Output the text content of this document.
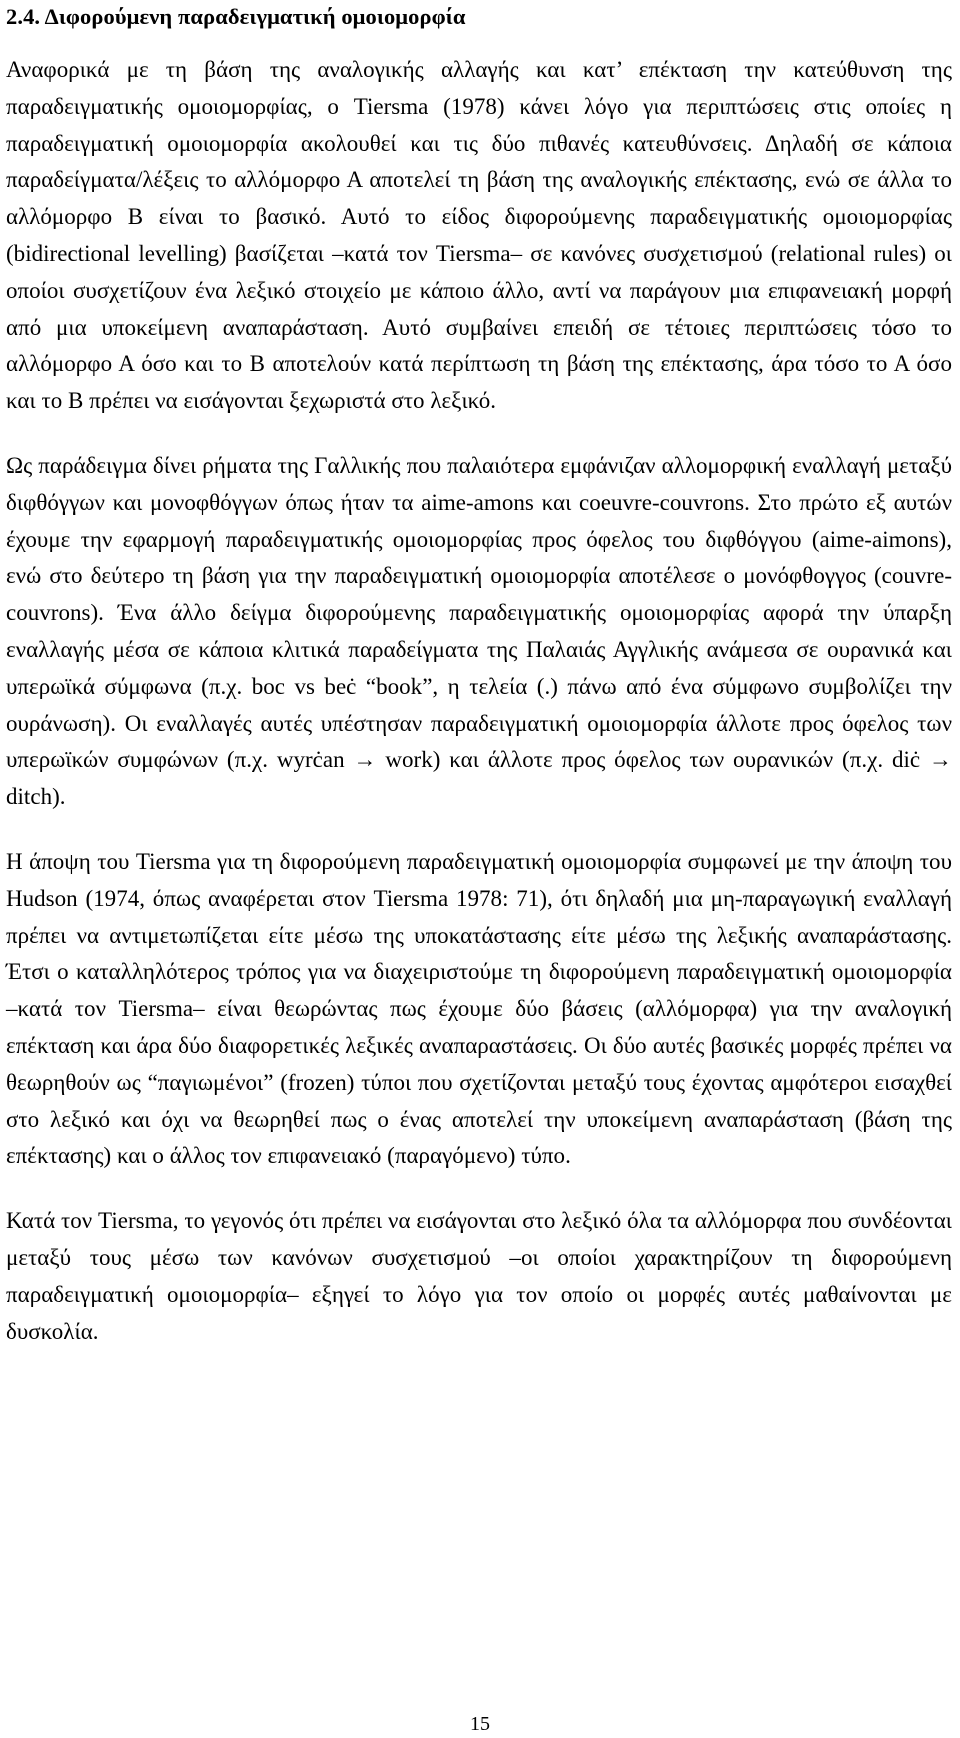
2.4. Διφορούμενη παραδειγματική ομοιομορφία

Αναφορικά με τη βάση της αναλογικής αλλαγής και κατ’ επέκταση την κατεύθυνση της παραδειγματικής ομοιομορφίας, ο Tiersma (1978) κάνει λόγο για περιπτώσεις στις οποίες η παραδειγματική ομοιομορφία ακολουθεί και τις δύο πιθανές κατευθύνσεις. Δηλαδή σε κάποια παραδείγματα/λέξεις το αλλόμορφο Α αποτελεί τη βάση της αναλογικής επέκτασης, ενώ σε άλλα το αλλόμορφο Β είναι το βασικό. Αυτό το είδος διφορούμενης παραδειγματικής ομοιομορφίας (bidirectional levelling) βασίζεται –κατά τον Tiersma– σε κανόνες συσχετισμού (relational rules) οι οποίοι συσχετίζουν ένα λεξικό στοιχείο με κάποιο άλλο, αντί να παράγουν μια επιφανειακή μορφή από μια υποκείμενη αναπαράσταση. Αυτό συμβαίνει επειδή σε τέτοιες περιπτώσεις τόσο το αλλόμορφο Α όσο και το Β αποτελούν κατά περίπτωση τη βάση της επέκτασης, άρα τόσο το Α όσο και το Β πρέπει να εισάγονται ξεχωριστά στο λεξικό.

Ως παράδειγμα δίνει ρήματα της Γαλλικής που παλαιότερα εμφάνιζαν αλλομορφική εναλλαγή μεταξύ διφθόγγων και μονοφθόγγων όπως ήταν τα aime-amons και coeuvre-couvrons. Στο πρώτο εξ αυτών έχουμε την εφαρμογή παραδειγματικής ομοιομορφίας προς όφελος του διφθόγγου (aime-aimons), ενώ στο δεύτερο τη βάση για την παραδειγματική ομοιομορφία αποτέλεσε ο μονόφθογγος (couvre-couvrons). Ένα άλλο δείγμα διφορούμενης παραδειγματικής ομοιομορφίας αφορά την ύπαρξη εναλλαγής μέσα σε κάποια κλιτικά παραδείγματα της Παλαιάς Αγγλικής ανάμεσα σε ουρανικά και υπερωϊκά σύμφωνα (π.χ. boc vs beċ “book”, η τελεία (.) πάνω από ένα σύμφωνο συμβολίζει την ουράνωση). Οι εναλλαγές αυτές υπέστησαν παραδειγματική ομοιομορφία άλλοτε προς όφελος των υπερωϊκών συμφώνων (π.χ. wyrċan → work) και άλλοτε προς όφελος των ουρανικών (π.χ. diċ → ditch).

Η άποψη του Tiersma για τη διφορούμενη παραδειγματική ομοιομορφία συμφωνεί με την άποψη του Hudson (1974, όπως αναφέρεται στον Tiersma 1978: 71), ότι δηλαδή μια μη-παραγωγική εναλλαγή πρέπει να αντιμετωπίζεται είτε μέσω της υποκατάστασης είτε μέσω της λεξικής αναπαράστασης. Έτσι ο καταλληλότερος τρόπος για να διαχειριστούμε τη διφορούμενη παραδειγματική ομοιομορφία –κατά τον Tiersma– είναι θεωρώντας πως έχουμε δύο βάσεις (αλλόμορφα) για την αναλογική επέκταση και άρα δύο διαφορετικές λεξικές αναπαραστάσεις. Οι δύο αυτές βασικές μορφές πρέπει να θεωρηθούν ως “παγιωμένοι” (frozen) τύποι που σχετίζονται μεταξύ τους έχοντας αμφότεροι εισαχθεί στο λεξικό και όχι να θεωρηθεί πως ο ένας αποτελεί την υποκείμενη αναπαράσταση (βάση της επέκτασης) και ο άλλος τον επιφανειακό (παραγόμενο) τύπο.

Κατά τον Tiersma, το γεγονός ότι πρέπει να εισάγονται στο λεξικό όλα τα αλλόμορφα που συνδέονται μεταξύ τους μέσω των κανόνων συσχετισμού –οι οποίοι χαρακτηρίζουν τη διφορούμενη παραδειγματική ομοιομορφία– εξηγεί το λόγο για τον οποίο οι μορφές αυτές μαθαίνονται με δυσκολία.

15
